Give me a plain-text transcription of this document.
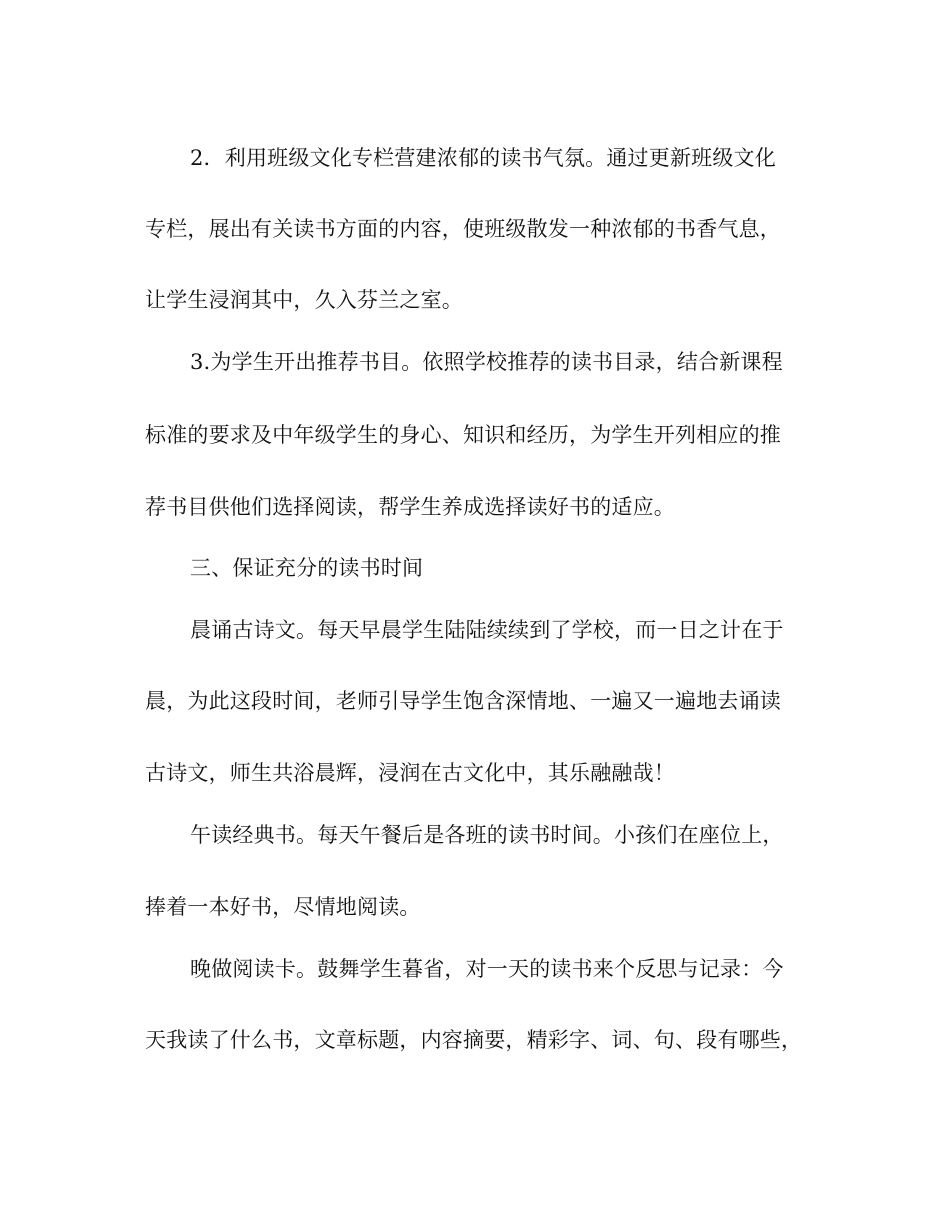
2．利用班级文化专栏营建浓郁的读书气氛。通过更新班级文化
专栏，展出有关读书方面的内容，使班级散发一种浓郁的书香气息，
让学生浸润其中，久入芬兰之室。
3.为学生开出推荐书目。依照学校推荐的读书目录，结合新课程
标准的要求及中年级学生的身心、知识和经历，为学生开列相应的推
荐书目供他们选择阅读，帮学生养成选择读好书的适应。
三、保证充分的读书时间
晨诵古诗文。每天早晨学生陆陆续续到了学校，而一日之计在于
晨，为此这段时间，老师引导学生饱含深情地、一遍又一遍地去诵读
古诗文，师生共浴晨辉，浸润在古文化中，其乐融融哉！
午读经典书。每天午餐后是各班的读书时间。小孩们在座位上，
捧着一本好书，尽情地阅读。
晚做阅读卡。鼓舞学生暮省，对一天的读书来个反思与记录：今
天我读了什么书，文章标题，内容摘要，精彩字、词、句、段有哪些，
